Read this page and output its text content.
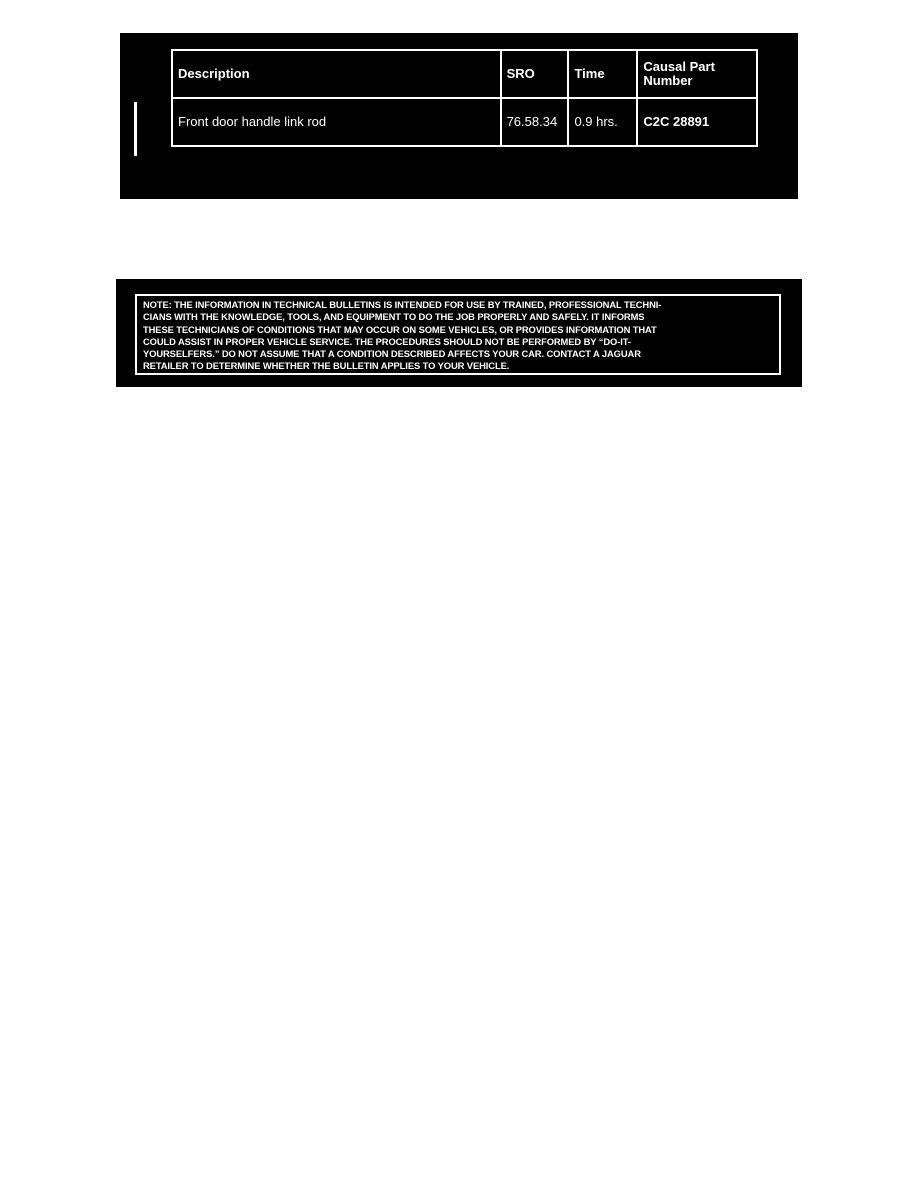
Description	SRO	Time	Causal Part
Number
Front door handle link rod	76.58.34	0.9 hrs.	C2C 28891
NOTE: THE INFORMATION IN TECHNICAL BULLETINS IS INTENDED FOR USE BY TRAINED, PROFESSIONAL TECHNI-
CIANS WITH THE KNOWLEDGE, TOOLS, AND EQUIPMENT TO DO THE JOB PROPERLY AND SAFELY. IT INFORMS
THESE TECHNICIANS OF CONDITIONS THAT MAY OCCUR ON SOME VEHICLES, OR PROVIDES INFORMATION THAT
COULD ASSIST IN PROPER VEHICLE SERVICE. THE PROCEDURES SHOULD NOT BE PERFORMED BY “DO-IT-
YOURSELFERS.” DO NOT ASSUME THAT A CONDITION DESCRIBED AFFECTS YOUR CAR. CONTACT A JAGUAR
RETAILER TO DETERMINE WHETHER THE BULLETIN APPLIES TO YOUR VEHICLE.
